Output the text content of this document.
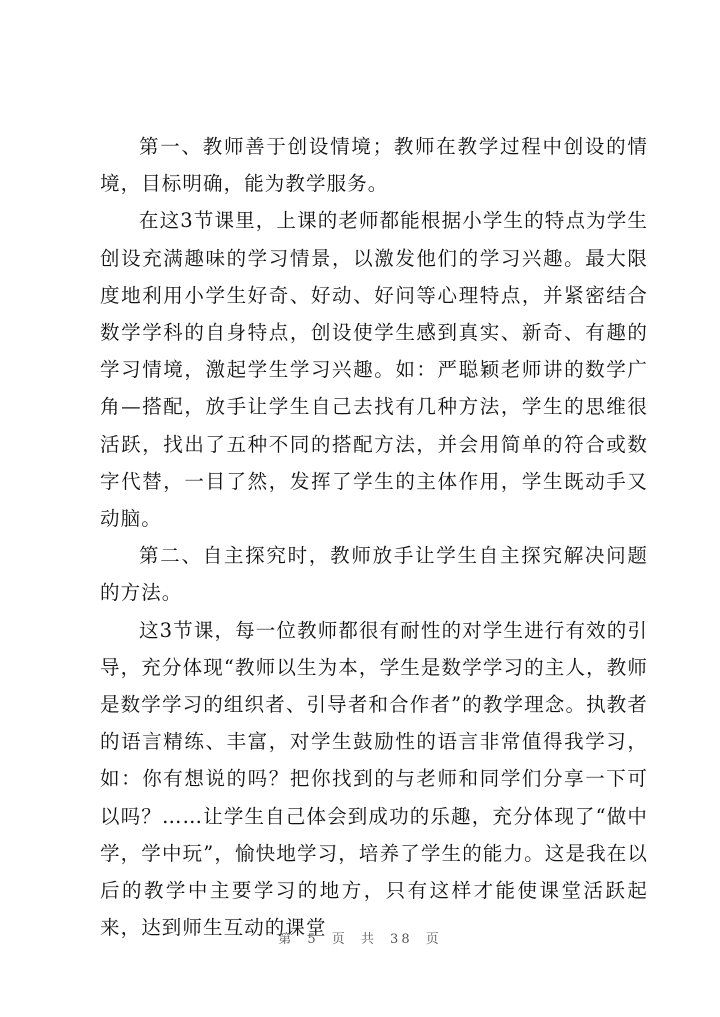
第一、教师善于创设情境；教师在教学过程中创设的情境，目标明确，能为教学服务。

在这3节课里，上课的老师都能根据小学生的特点为学生创设充满趣味的学习情景，以激发他们的学习兴趣。最大限度地利用小学生好奇、好动、好问等心理特点，并紧密结合数学学科的自身特点，创设使学生感到真实、新奇、有趣的学习情境，激起学生学习兴趣。如：严聪颖老师讲的数学广角—搭配，放手让学生自己去找有几种方法，学生的思维很活跃，找出了五种不同的搭配方法，并会用简单的符合或数字代替，一目了然，发挥了学生的主体作用，学生既动手又动脑。

第二、自主探究时，教师放手让学生自主探究解决问题的方法。

这3节课，每一位教师都很有耐性的对学生进行有效的引导，充分体现“教师以生为本，学生是数学学习的主人，教师是数学学习的组织者、引导者和合作者”的教学理念。执教者的语言精练、丰富，对学生鼓励性的语言非常值得我学习，如：你有想说的吗？把你找到的与老师和同学们分享一下可以吗？……让学生自己体会到成功的乐趣，充分体现了“做中学，学中玩”，愉快地学习，培养了学生的能力。这是我在以后的教学中主要学习的地方，只有这样才能使课堂活跃起来，达到师生互动的课堂

第 5 页 共 38 页
